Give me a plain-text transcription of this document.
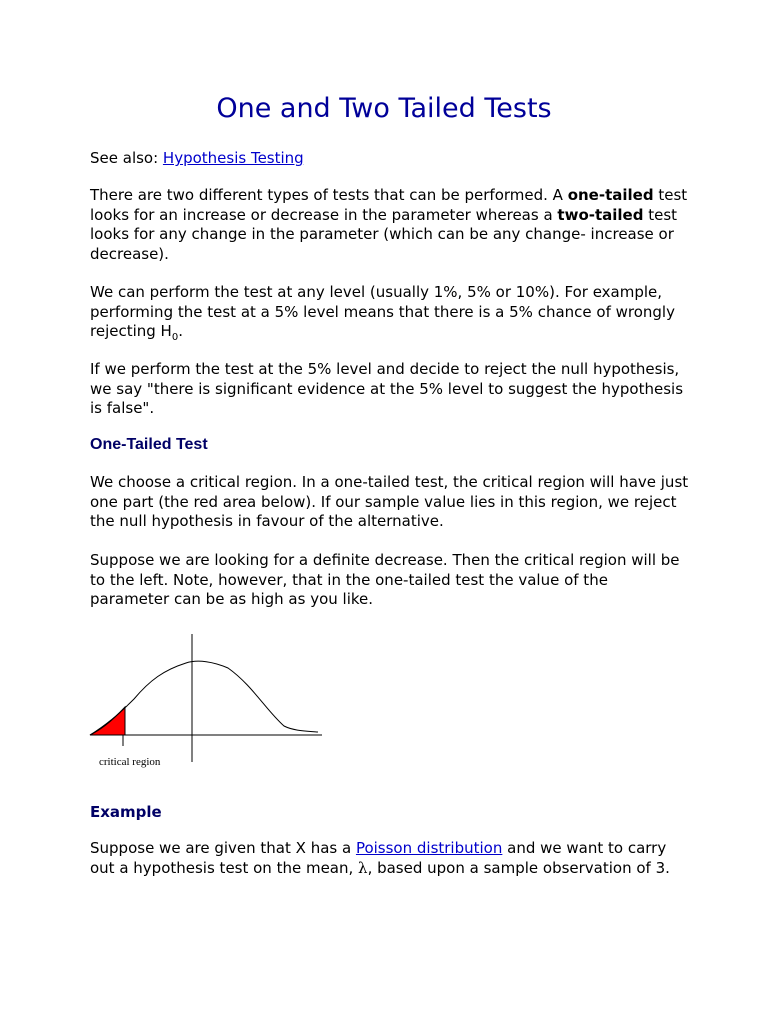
One and Two Tailed Tests

See also: Hypothesis Testing

There are two different types of tests that can be performed. A one-tailed test looks for an increase or decrease in the parameter whereas a two-tailed test looks for any change in the parameter (which can be any change- increase or decrease).

We can perform the test at any level (usually 1%, 5% or 10%). For example, performing the test at a 5% level means that there is a 5% chance of wrongly rejecting $H_0$.

If we perform the test at the 5% level and decide to reject the null hypothesis, we say "there is significant evidence at the 5% level to suggest the hypothesis is false".

One-Tailed Test

We choose a critical region. In a one-tailed test, the critical region will have just one part (the red area below). If our sample value lies in this region, we reject the null hypothesis in favour of the alternative.

Suppose we are looking for a definite decrease. Then the critical region will be to the left. Note, however, that in the one-tailed test the value of the parameter can be as high as you like.

critical region

Example

Suppose we are given that X has a Poisson distribution and we want to carry out a hypothesis test on the mean, λ, based upon a sample observation of 3.
